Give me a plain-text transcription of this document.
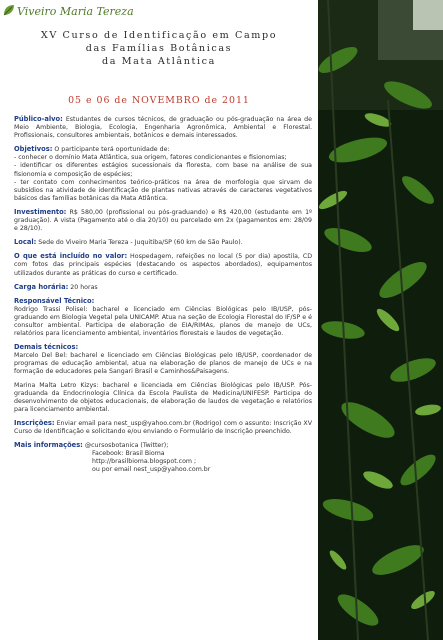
Viveiro Maria Tereza
XV Curso de Identificação em Campo
das Famílias Botânicas
da Mata Atlântica
05 e 06 de NOVEMBRO de 2011

Público-alvo: Estudantes de cursos técnicos, de graduação ou pós-graduação na área de Meio Ambiente, Biologia, Ecologia, Engenharia Agronômica, Ambiental e Florestal. Profissionais, consultores ambientais, botânicos e demais interessados.

Objetivos: O participante terá oportunidade de:
- conhecer o domínio Mata Atlântica, sua origem, fatores condicionantes e fisionomias;
- identificar os diferentes estágios sucessionais da floresta, com base na análise de sua fisionomia e composição de espécies;
- ter contato com conhecimentos teórico-práticos na área de morfologia que sirvam de subsídios na atividade de identificação de plantas nativas através de caracteres vegetativos básicos das famílias botânicas da Mata Atlântica.

Investimento: R$ 580,00 (profissional ou pós-graduando) e R$ 420,00 (estudante em 1º graduação). A vista (Pagamento até o dia 20/10) ou parcelado em 2x (pagamentos em: 28/09 e 28/10).

Local: Sede do Viveiro Maria Tereza - Juquitiba/SP (60 km de São Paulo).

O que está incluído no valor: Hospedagem, refeições no local (5 por dia) apostila, CD com fotos das principais espécies (destacando os aspectos abordados), equipamentos utilizados durante as práticas do curso e certificado.

Carga horária: 20 horas

Responsável Técnico:
Rodrigo Trassi Polisel: bacharel e licenciado em Ciências Biológicas pelo IB/USP, pós-graduando em Biologia Vegetal pela UNICAMP. Atua na seção de Ecologia Florestal do IF/SP e é consultor ambiental. Participa de elaboração de EIA/RIMAs, planos de manejo de UCs, relatórios para licenciamento ambiental, inventários florestais e laudos de vegetação.

Demais técnicos:
Marcelo Del Bel: bacharel e licenciado em Ciências Biológicas pelo IB/USP, coordenador de programas de educação ambiental, atua na elaboração de planos de manejo de UCs e na formação de educadores pela Sangari Brasil e Caminhos&Paisagens.

Marina Malta Letro Kizys: bacharel e licenciada em Ciências Biológicas pelo IB/USP. Pós-graduanda da Endocrinologia Clínica da Escola Paulista de Medicina/UNIFESP. Participa do desenvolvimento de objetos educacionais, de elaboração de laudos de vegetação e relatórios para licenciamento ambiental.

Inscrições: Enviar email para nest_usp@yahoo.com.br (Rodrigo) com o assunto: Inscrição XV Curso de Identificação e solicitando e/ou enviando o Formulário de Inscrição preenchido.

Mais informações: @cursosbotanica (Twitter);
Facebook: Brasil Bioma
http://brasilbioma.blogspot.com ;
ou por email nest_usp@yahoo.com.br
